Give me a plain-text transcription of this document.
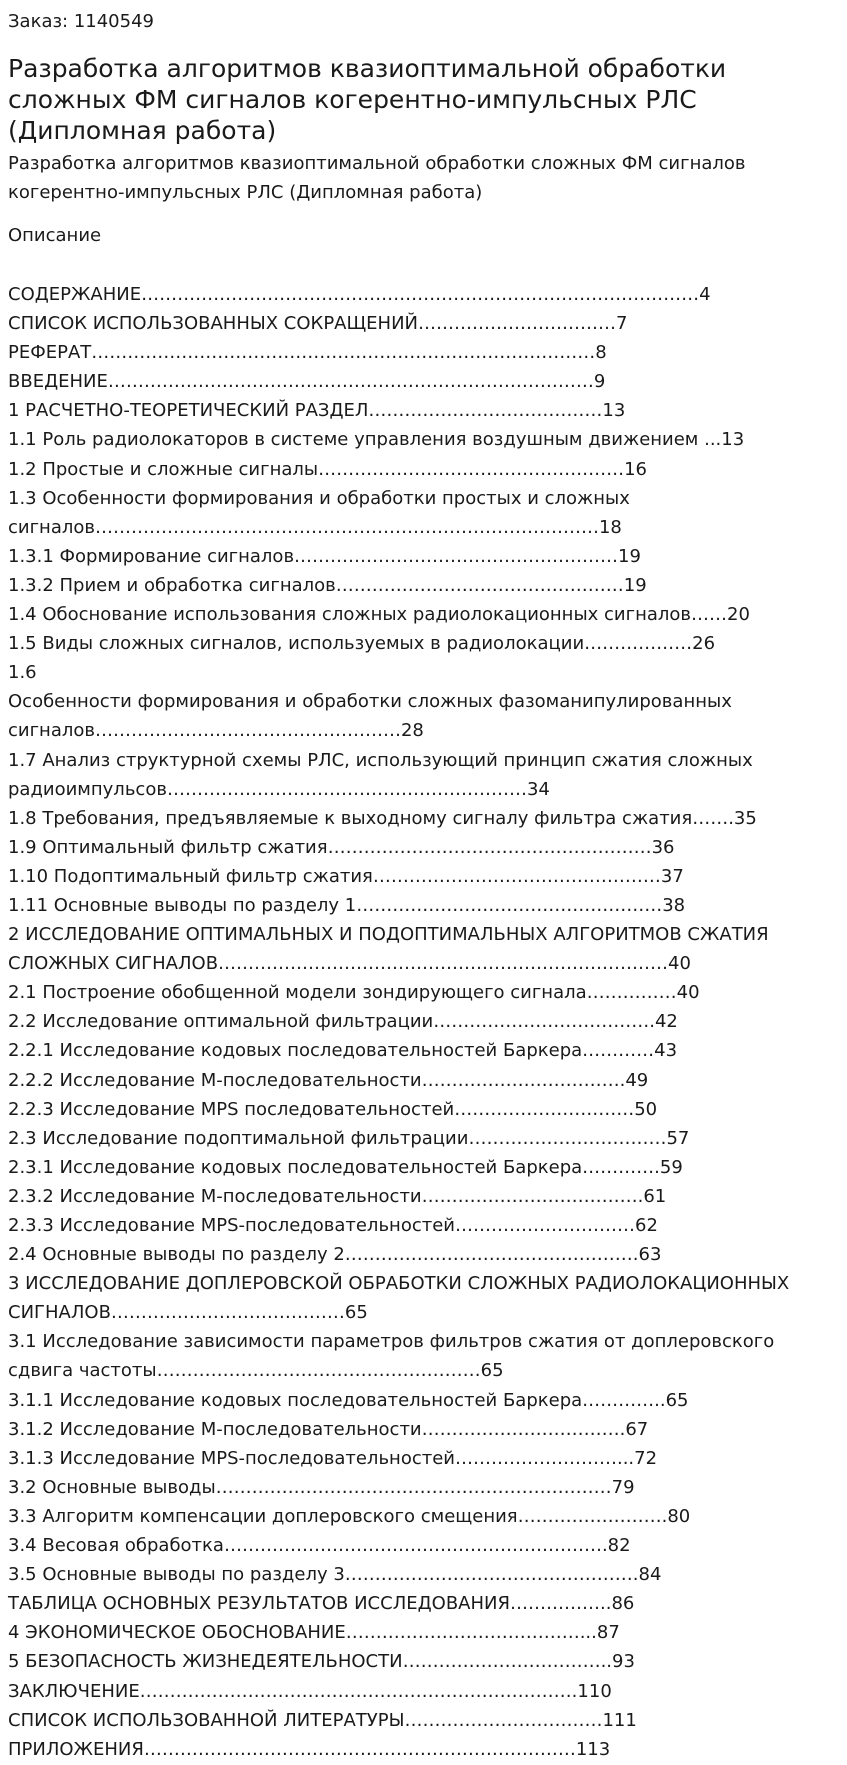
Заказ: 1140549
Разработка алгоритмов квазиоптимальной обработки сложных ФМ сигналов когерентно-импульсных РЛС (Дипломная работа)
Разработка алгоритмов квазиоптимальной обработки сложных ФМ сигналов когерентно-импульсных РЛС (Дипломная работа)
Описание
СОДЕРЖАНИЕ…………………………………………………………………………………4
СПИСОК ИСПОЛЬЗОВАННЫХ СОКРАЩЕНИЙ……………………………7
РЕФЕРАТ…………………………………………………………………………8
ВВЕДЕНИЕ………………………………………………………………………9
1 РАСЧЕТНО-ТЕОРЕТИЧЕСКИЙ РАЗДЕЛ…………………………………13
1.1 Роль радиолокаторов в системе управления воздушным движением ...13
1.2 Простые и сложные сигналы……………………………………………16
1.3 Особенности формирования и обработки простых и сложных сигналов…………………………………………………………………………18
1.3.1 Формирование сигналов………………………………………………19
1.3.2 Прием и обработка сигналов…………………………………………19
1.4 Обоснование использования сложных радиолокационных сигналов……20
1.5 Виды сложных сигналов, используемых в радиолокации………………26
1.6
Особенности формирования и обработки сложных фазоманипулированных сигналов……………………………………………28
1.7 Анализ структурной схемы РЛС, использующий принцип сжатия сложных радиоимпульсов……………………………………………………34
1.8 Требования, предъявляемые к выходному сигналу фильтра сжатия…….35
1.9 Оптимальный фильтр сжатия………………………………………………36
1.10 Подоптимальный фильтр сжатия…………………………………………37
1.11 Основные выводы по разделу 1……………………………………………38
2 ИССЛЕДОВАНИЕ ОПТИМАЛЬНЫХ И ПОДОПТИМАЛЬНЫХ АЛГОРИТМОВ СЖАТИЯ СЛОЖНЫХ СИГНАЛОВ…………………………………………………………………40
2.1 Построение обобщенной модели зондирующего сигнала……………40
2.2 Исследование оптимальной фильтрации……………………………….42
2.2.1 Исследование кодовых последовательностей Баркера…………43
2.2.2 Исследование М-последовательности…………………………….49
2.2.3 Исследование MPS последовательностей…………………………50
2.3 Исследование подоптимальной фильтрации……………………………57
2.3.1 Исследование кодовых последовательностей Баркера………….59
2.3.2 Исследование М-последовательности……………………………….61
2.3.3 Исследование MPS-последовательностей…………………………62
2.4 Основные выводы по разделу 2………………………………………….63
3 ИССЛЕДОВАНИЕ ДОПЛЕРОВСКОЙ ОБРАБОТКИ СЛОЖНЫХ РАДИОЛОКАЦИОННЫХ СИГНАЛОВ…………………………………65
3.1 Исследование зависимости параметров фильтров сжатия от доплеровского сдвига частоты………………………………………………65
3.1.1 Исследование кодовых последовательностей Баркера…………..65
3.1.2 Исследование М-последовательности…………………………….67
3.1.3 Исследование MPS-последовательностей………………………...72
3.2 Основные выводы…………………………………………………………79
3.3 Алгоритм компенсации доплеровского смещения…………………….80
3.4 Весовая обработка……………………………………………………….82
3.5 Основные выводы по разделу 3………………………………………….84
ТАБЛИЦА ОСНОВНЫХ РЕЗУЛЬТАТОВ ИССЛЕДОВАНИЯ……………..86
4 ЭКОНОМИЧЕСКОЕ ОБОСНОВАНИЕ…………………………………...87
5 БЕЗОПАСНОСТЬ ЖИЗНЕДЕЯТЕЛЬНОСТИ……………………………..93
ЗАКЛЮЧЕНИЕ……………………………………………………………….110
СПИСОК ИСПОЛЬЗОВАННОЙ ЛИТЕРАТУРЫ……………………………111
ПРИЛОЖЕНИЯ………………………………………………………………113
